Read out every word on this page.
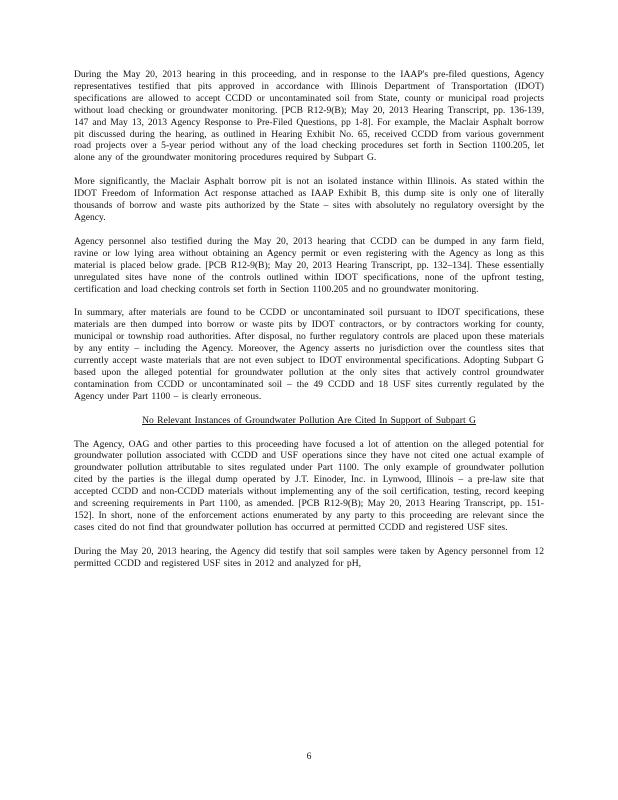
During the May 20, 2013 hearing in this proceeding, and in response to the IAAP's pre-filed questions, Agency representatives testified that pits approved in accordance with Illinois Department of Transportation (IDOT) specifications are allowed to accept CCDD or uncontaminated soil from State, county or municipal road projects without load checking or groundwater monitoring. [PCB R12-9(B); May 20, 2013 Hearing Transcript, pp. 136-139, 147 and May 13, 2013 Agency Response to Pre-Filed Questions, pp 1-8]. For example, the Maclair Asphalt borrow pit discussed during the hearing, as outlined in Hearing Exhibit No. 65, received CCDD from various government road projects over a 5-year period without any of the load checking procedures set forth in Section 1100.205, let alone any of the groundwater monitoring procedures required by Subpart G.

More significantly, the Maclair Asphalt borrow pit is not an isolated instance within Illinois. As stated within the IDOT Freedom of Information Act response attached as IAAP Exhibit B, this dump site is only one of literally thousands of borrow and waste pits authorized by the State – sites with absolutely no regulatory oversight by the Agency.

Agency personnel also testified during the May 20, 2013 hearing that CCDD can be dumped in any farm field, ravine or low lying area without obtaining an Agency permit or even registering with the Agency as long as this material is placed below grade. [PCB R12-9(B); May 20, 2013 Hearing Transcript, pp. 132–134]. These essentially unregulated sites have none of the controls outlined within IDOT specifications, none of the upfront testing, certification and load checking controls set forth in Section 1100.205 and no groundwater monitoring.

In summary, after materials are found to be CCDD or uncontaminated soil pursuant to IDOT specifications, these materials are then dumped into borrow or waste pits by IDOT contractors, or by contractors working for county, municipal or township road authorities. After disposal, no further regulatory controls are placed upon these materials by any entity – including the Agency. Moreover, the Agency asserts no jurisdiction over the countless sites that currently accept waste materials that are not even subject to IDOT environmental specifications. Adopting Subpart G based upon the alleged potential for groundwater pollution at the only sites that actively control groundwater contamination from CCDD or uncontaminated soil – the 49 CCDD and 18 USF sites currently regulated by the Agency under Part 1100 – is clearly erroneous.

No Relevant Instances of Groundwater Pollution Are Cited In Support of Subpart G

The Agency, OAG and other parties to this proceeding have focused a lot of attention on the alleged potential for groundwater pollution associated with CCDD and USF operations since they have not cited one actual example of groundwater pollution attributable to sites regulated under Part 1100. The only example of groundwater pollution cited by the parties is the illegal dump operated by J.T. Einoder, Inc. in Lynwood, Illinois – a pre-law site that accepted CCDD and non-CCDD materials without implementing any of the soil certification, testing, record keeping and screening requirements in Part 1100, as amended. [PCB R12-9(B); May 20, 2013 Hearing Transcript, pp. 151-152]. In short, none of the enforcement actions enumerated by any party to this proceeding are relevant since the cases cited do not find that groundwater pollution has occurred at permitted CCDD and registered USF sites.

During the May 20, 2013 hearing, the Agency did testify that soil samples were taken by Agency personnel from 12 permitted CCDD and registered USF sites in 2012 and analyzed for pH,

6
